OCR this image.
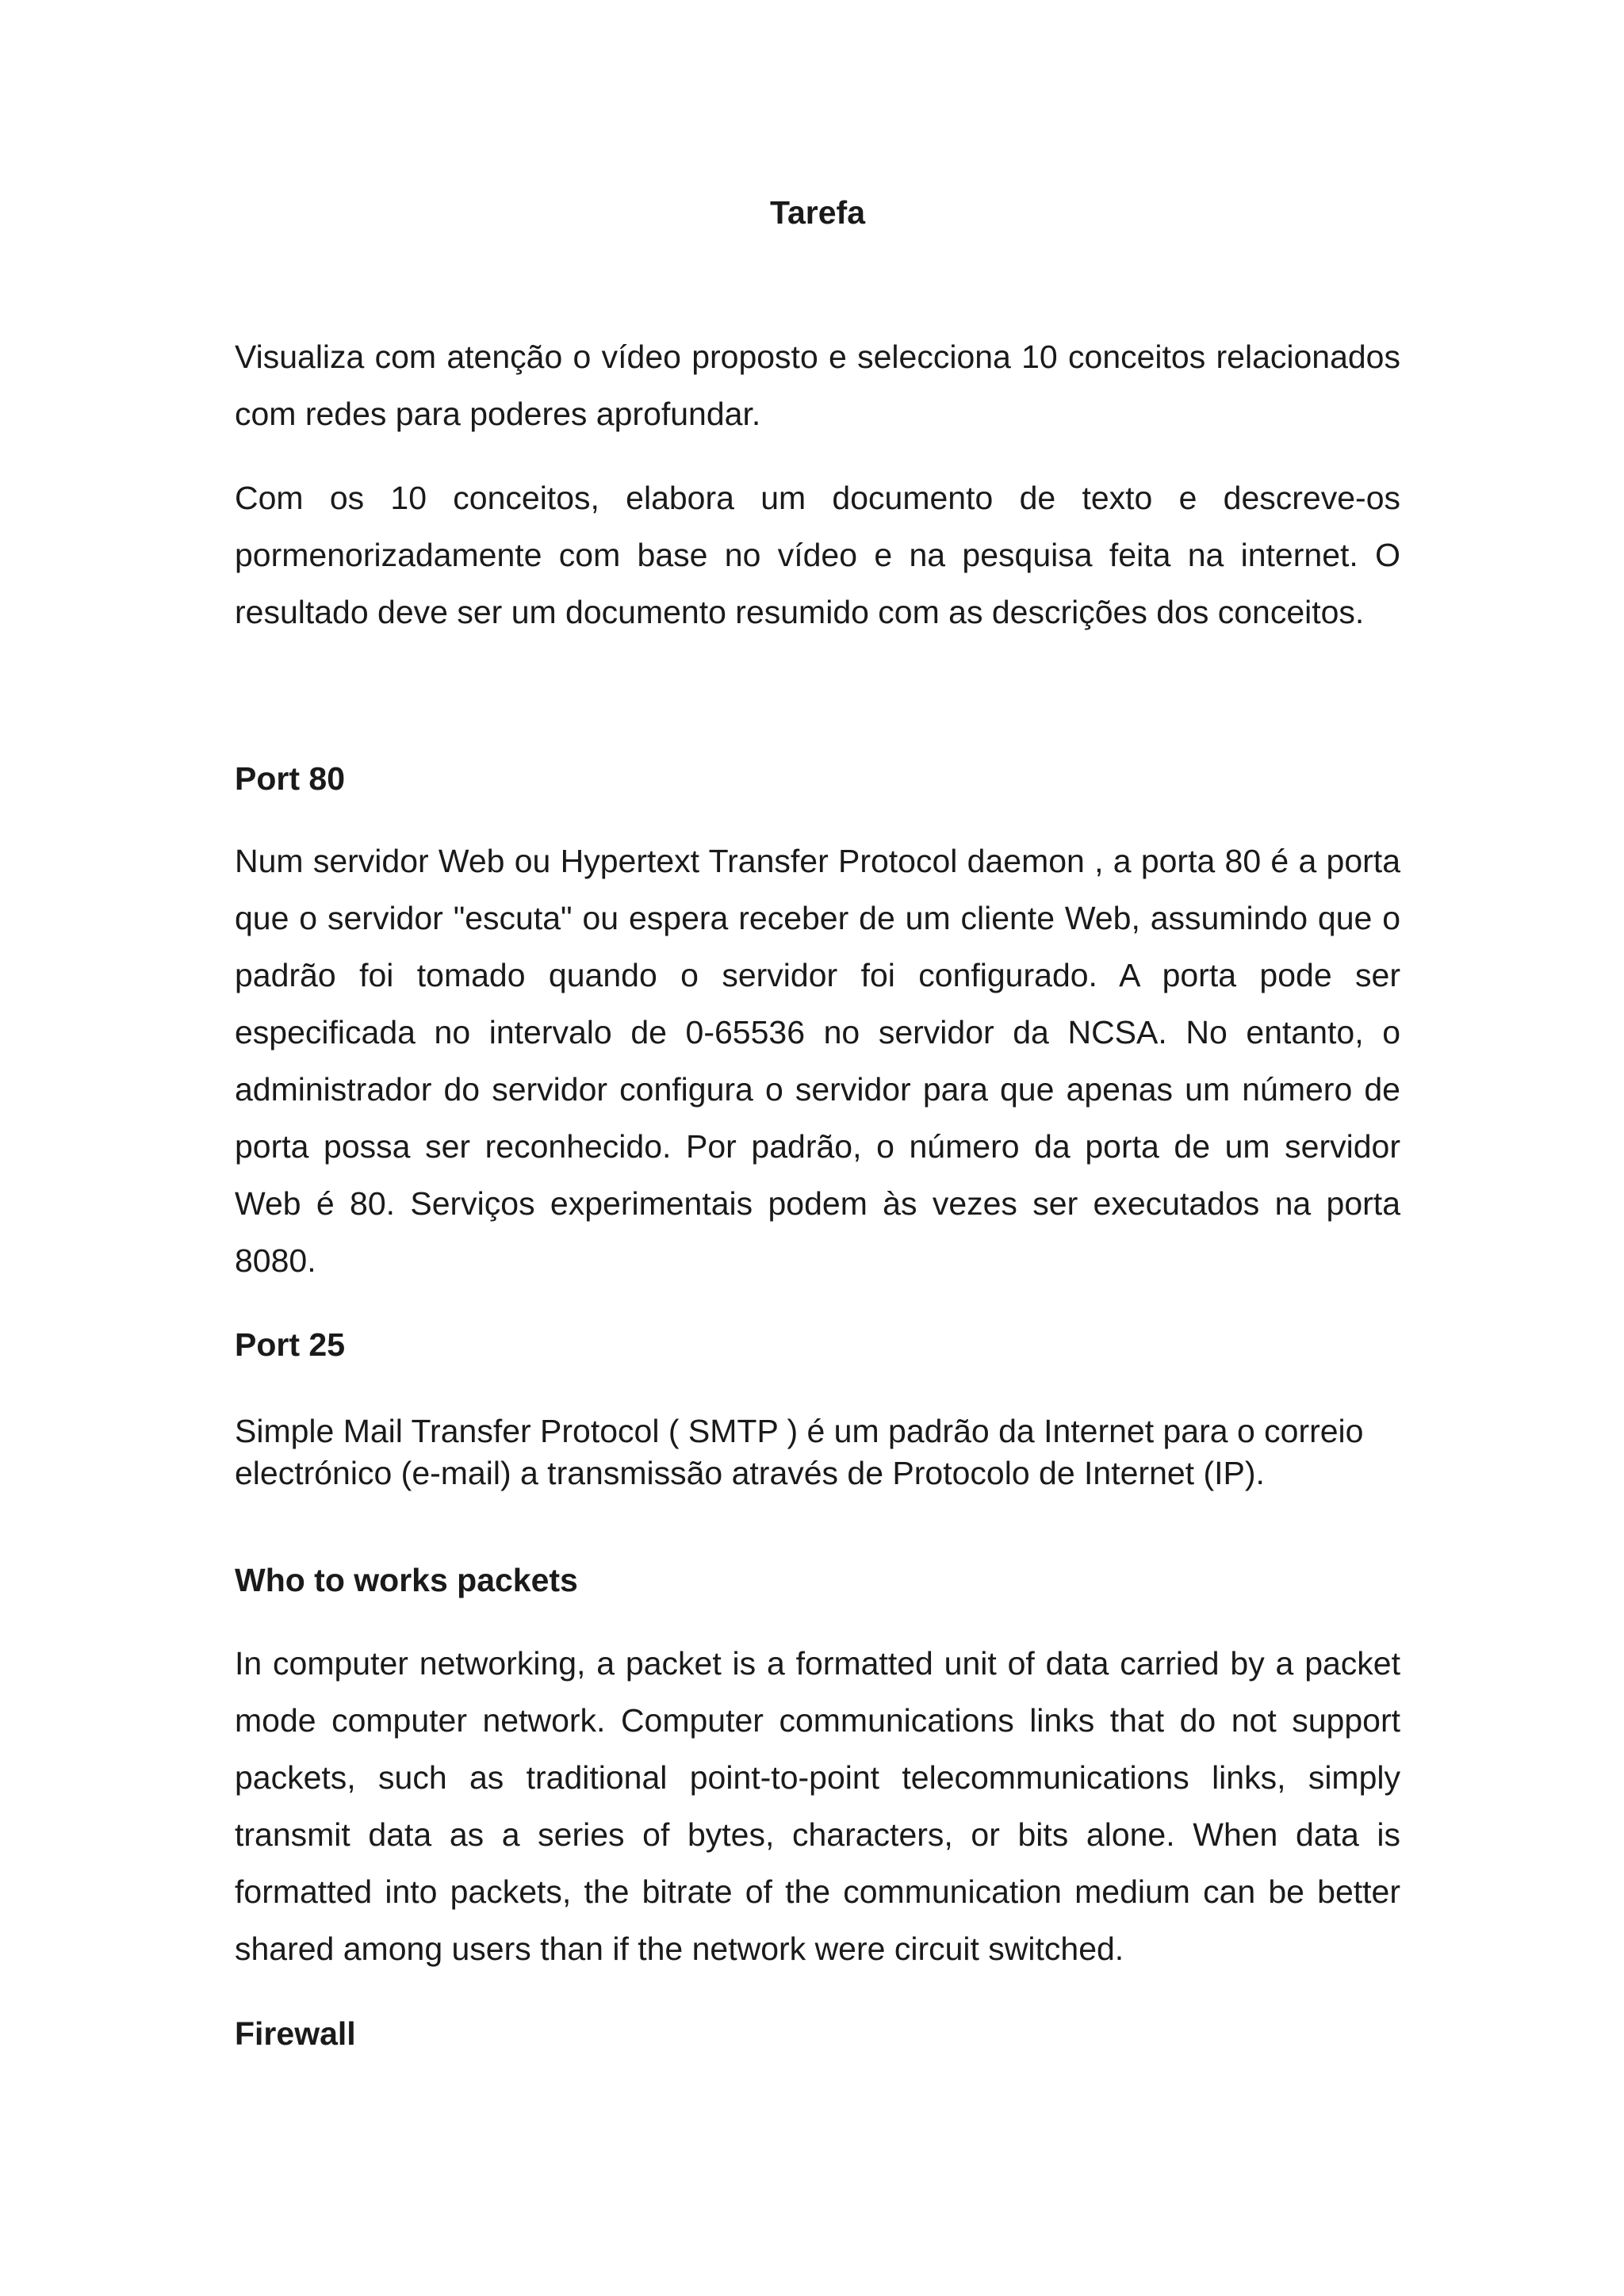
Tarefa

Visualiza com atenção o vídeo proposto e selecciona 10 conceitos relacionados com redes para poderes aprofundar.

Com os 10 conceitos, elabora um documento de texto e descreve-os pormenorizadamente com base no vídeo e na pesquisa feita na internet. O resultado deve ser um documento resumido com as descrições dos conceitos.

Port 80

Num servidor Web ou Hypertext Transfer Protocol daemon , a porta 80 é a porta que o servidor "escuta" ou espera receber de um cliente Web, assumindo que o padrão foi tomado quando o servidor foi configurado. A porta pode ser especificada no intervalo de 0-65536 no servidor da NCSA. No entanto, o administrador do servidor configura o servidor para que apenas um número de porta possa ser reconhecido. Por padrão, o número da porta de um servidor Web é 80. Serviços experimentais podem às vezes ser executados na porta 8080.

Port 25

Simple Mail Transfer Protocol ( SMTP ) é um padrão da Internet para o correio electrónico (e-mail) a transmissão através de Protocolo de Internet (IP).

Who to works packets

In computer networking, a packet is a formatted unit of data carried by a packet mode computer network. Computer communications links that do not support packets, such as traditional point-to-point telecommunications links, simply transmit data as a series of bytes, characters, or bits alone. When data is formatted into packets, the bitrate of the communication medium can be better shared among users than if the network were circuit switched.

Firewall
